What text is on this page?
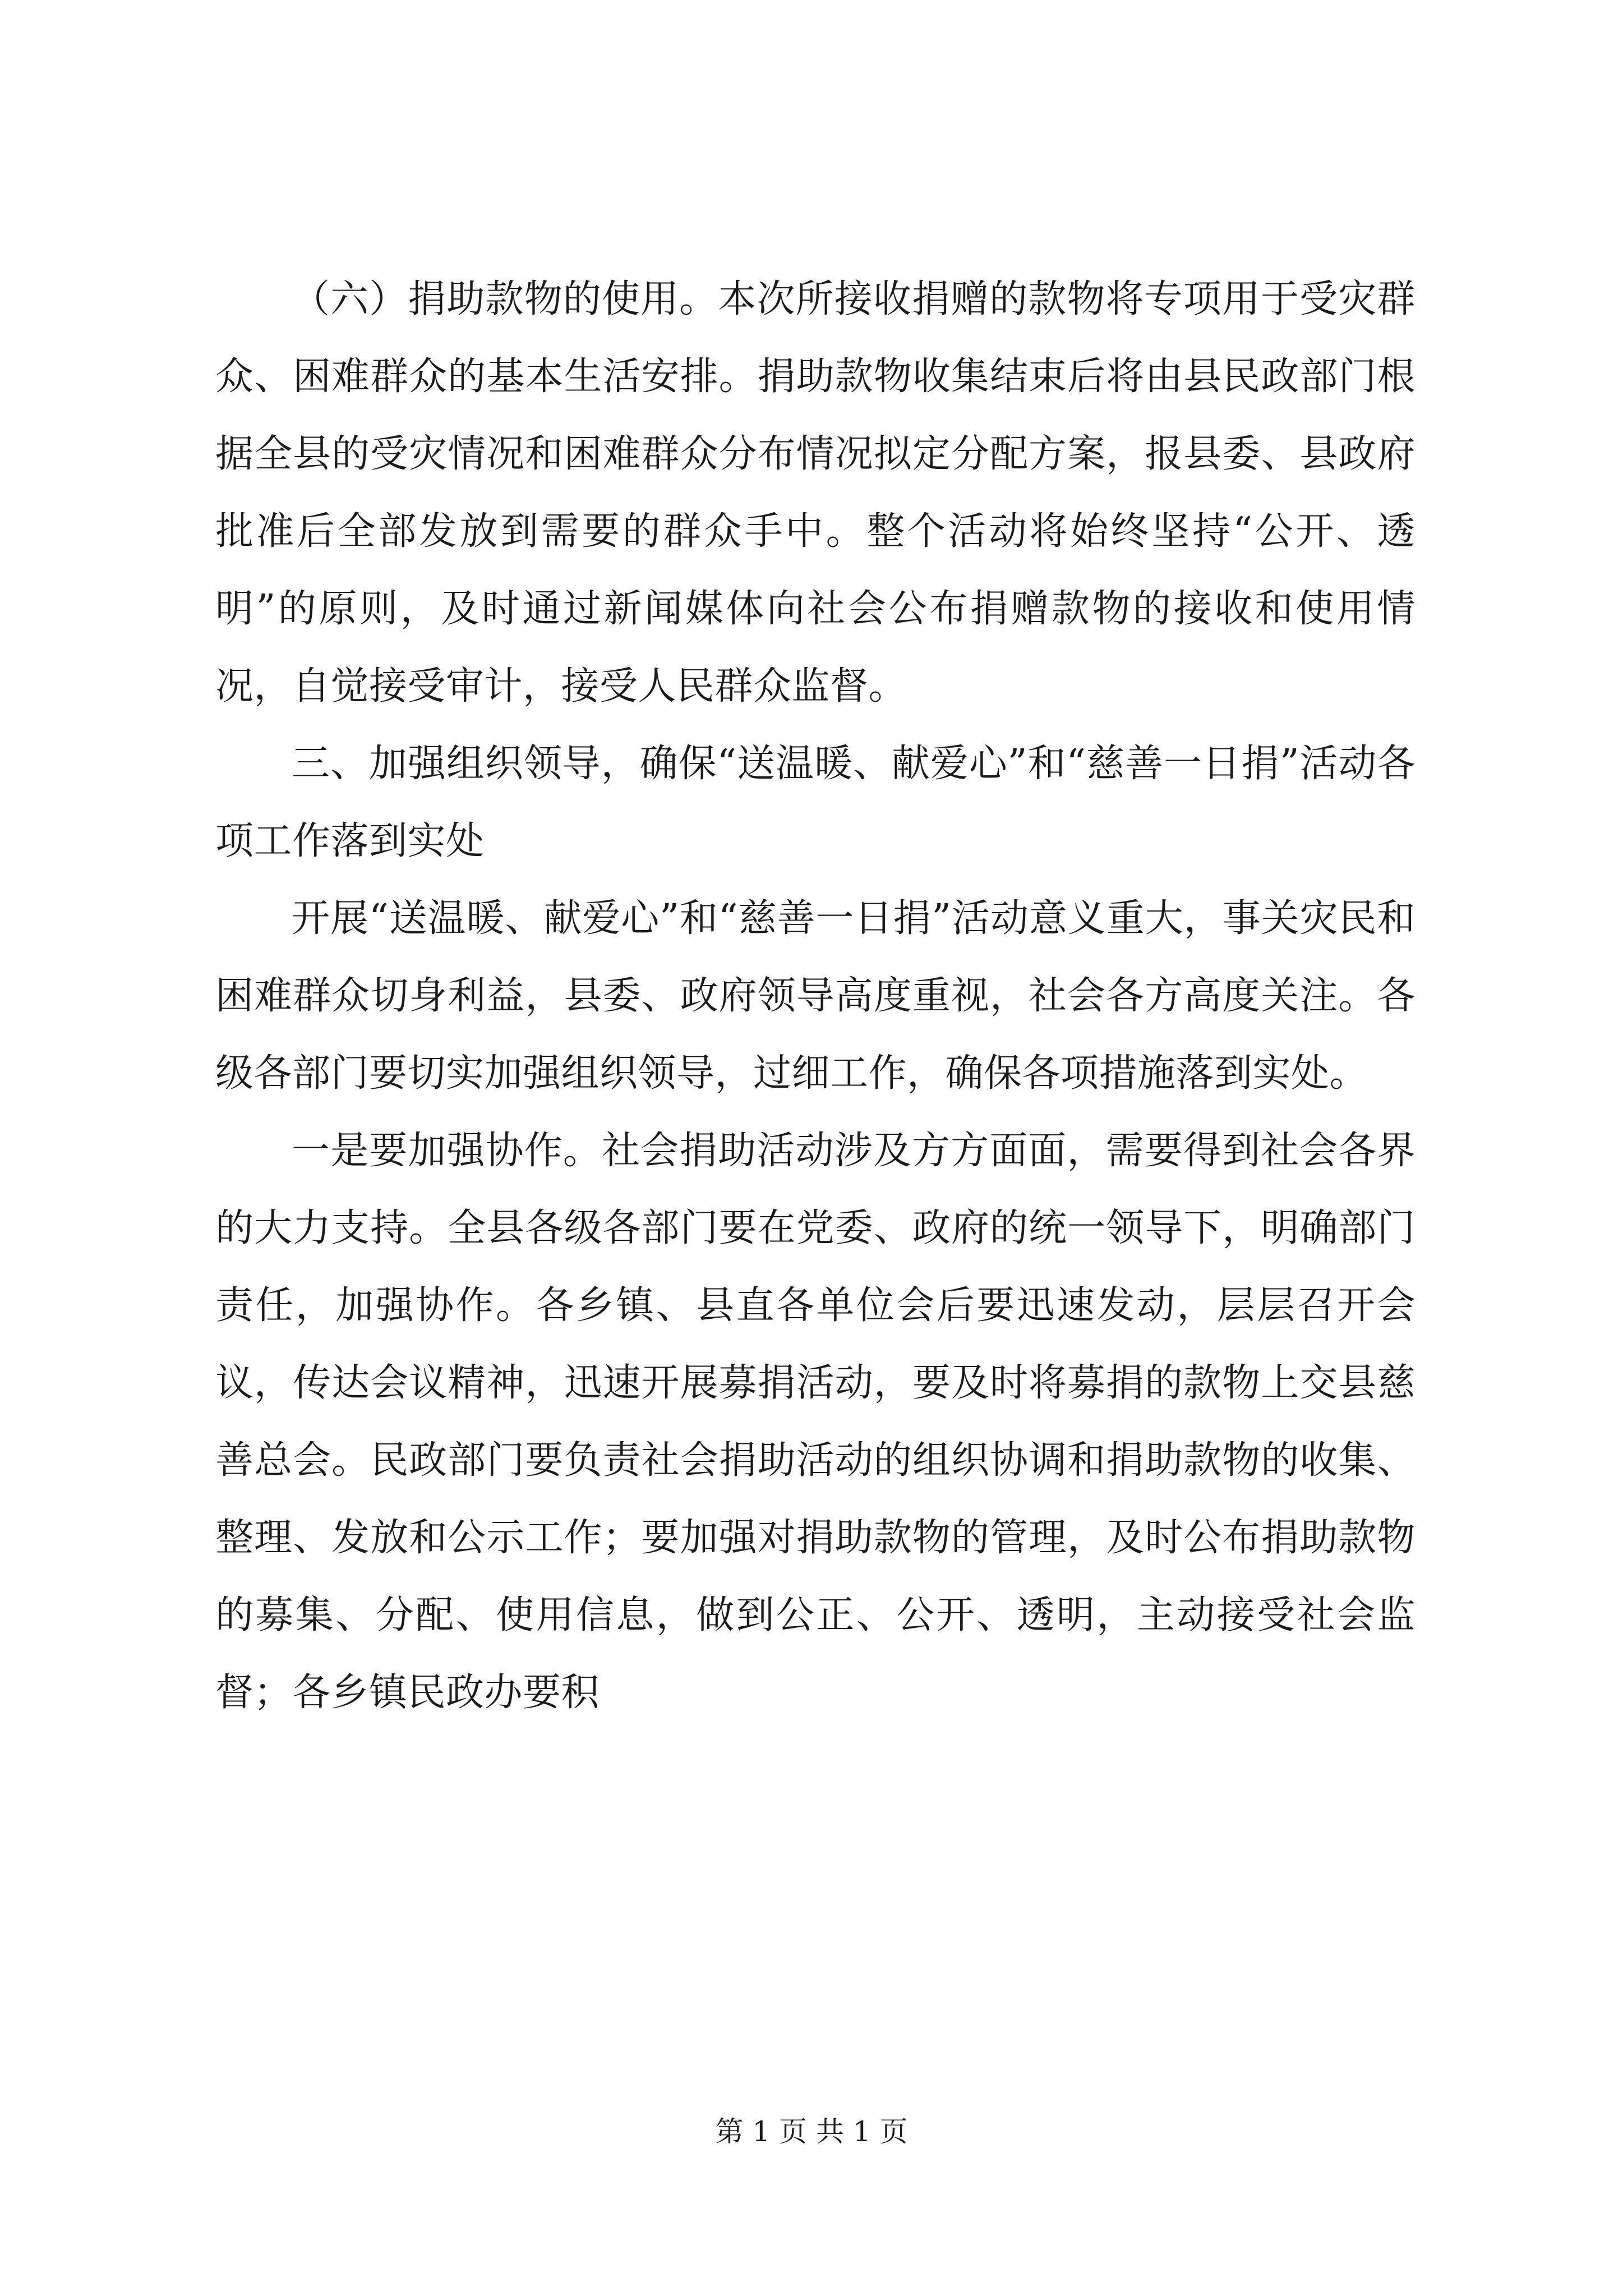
（六）捐助款物的使用。本次所接收捐赠的款物将专项用于受灾群众、困难群众的基本生活安排。捐助款物收集结束后将由县民政部门根据全县的受灾情况和困难群众分布情况拟定分配方案，报县委、县政府批准后全部发放到需要的群众手中。整个活动将始终坚持“公开、透明”的原则，及时通过新闻媒体向社会公布捐赠款物的接收和使用情况，自觉接受审计，接受人民群众监督。

三、加强组织领导，确保“送温暖、献爱心”和“慈善一日捐”活动各项工作落到实处

开展“送温暖、献爱心”和“慈善一日捐”活动意义重大，事关灾民和困难群众切身利益，县委、政府领导高度重视，社会各方高度关注。各级各部门要切实加强组织领导，过细工作，确保各项措施落到实处。

一是要加强协作。社会捐助活动涉及方方面面，需要得到社会各界的大力支持。全县各级各部门要在党委、政府的统一领导下，明确部门责任，加强协作。各乡镇、县直各单位会后要迅速发动，层层召开会议，传达会议精神，迅速开展募捐活动，要及时将募捐的款物上交县慈善总会。民政部门要负责社会捐助活动的组织协调和捐助款物的收集、整理、发放和公示工作；要加强对捐助款物的管理，及时公布捐助款物的募集、分配、使用信息，做到公正、公开、透明，主动接受社会监督；各乡镇民政办要积

第 1 页 共 1 页
